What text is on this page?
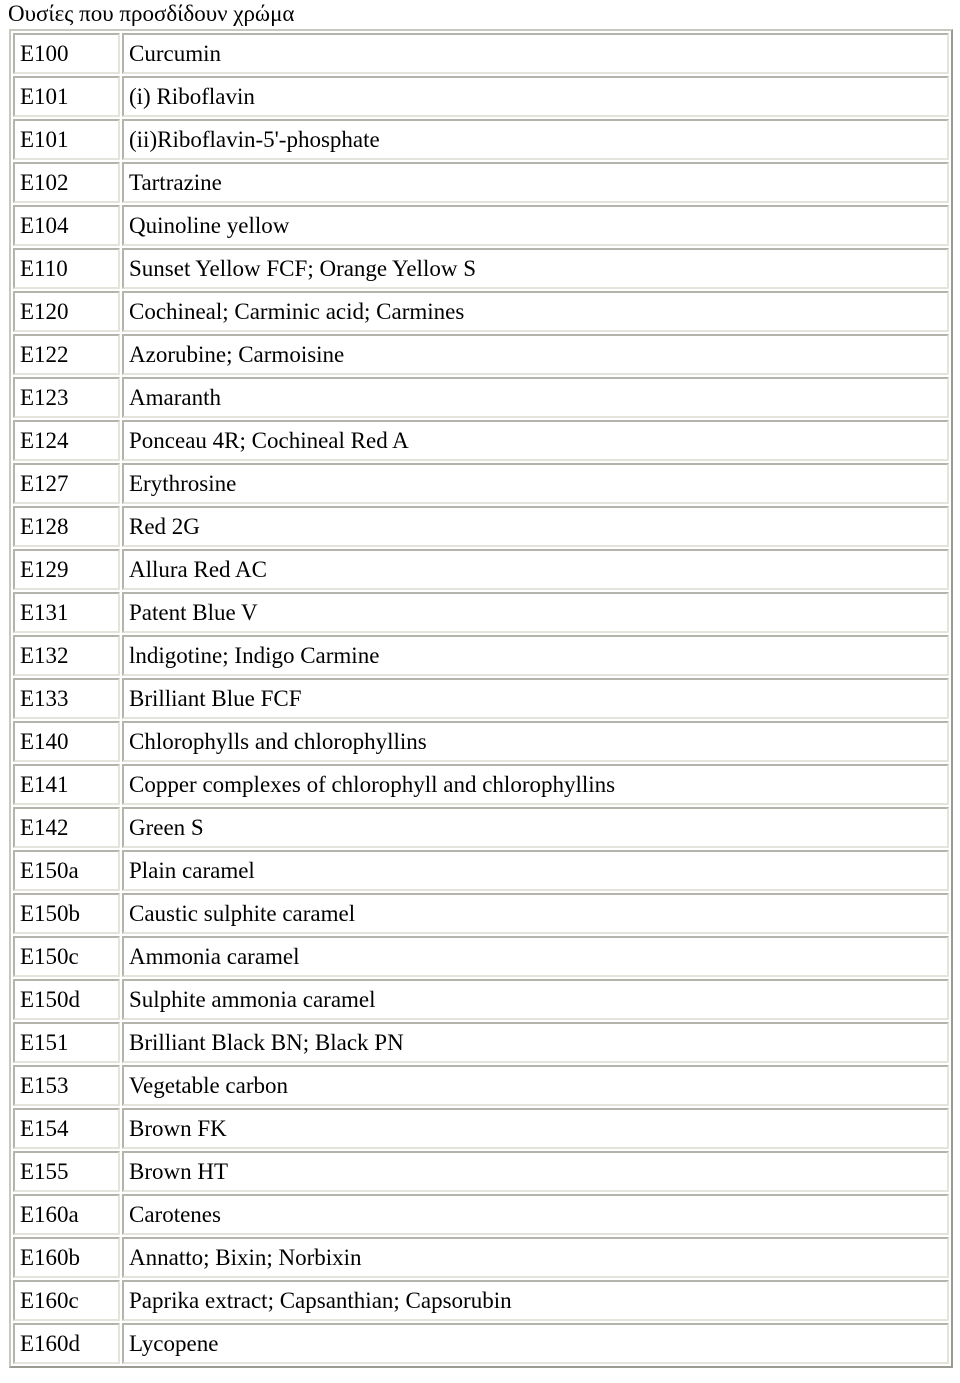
Ουσίες που προσδίδουν χρώμα
E100	Curcumin
E101	(i) Riboflavin
E101	(ii)Riboflavin-5'-phosphate
E102	Tartrazine
E104	Quinoline yellow
E110	Sunset Yellow FCF; Orange Yellow S
E120	Cochineal; Carminic acid; Carmines
E122	Azorubine; Carmoisine
E123	Amaranth
E124	Ponceau 4R; Cochineal Red A
E127	Erythrosine
E128	Red 2G
E129	Allura Red AC
E131	Patent Blue V
E132	lndigotine; Indigo Carmine
E133	Brilliant Blue FCF
E140	Chlorophylls and chlorophyllins
E141	Copper complexes of chlorophyll and chlorophyllins
E142	Green S
E150a	Plain caramel
E150b	Caustic sulphite caramel
E150c	Ammonia caramel
E150d	Sulphite ammonia caramel
E151	Brilliant Black BN; Black PN
E153	Vegetable carbon
E154	Brown FK
E155	Brown HT
E160a	Carotenes
E160b	Annatto; Bixin; Norbixin
E160c	Paprika extract; Capsanthian; Capsorubin
E160d	Lycopene
